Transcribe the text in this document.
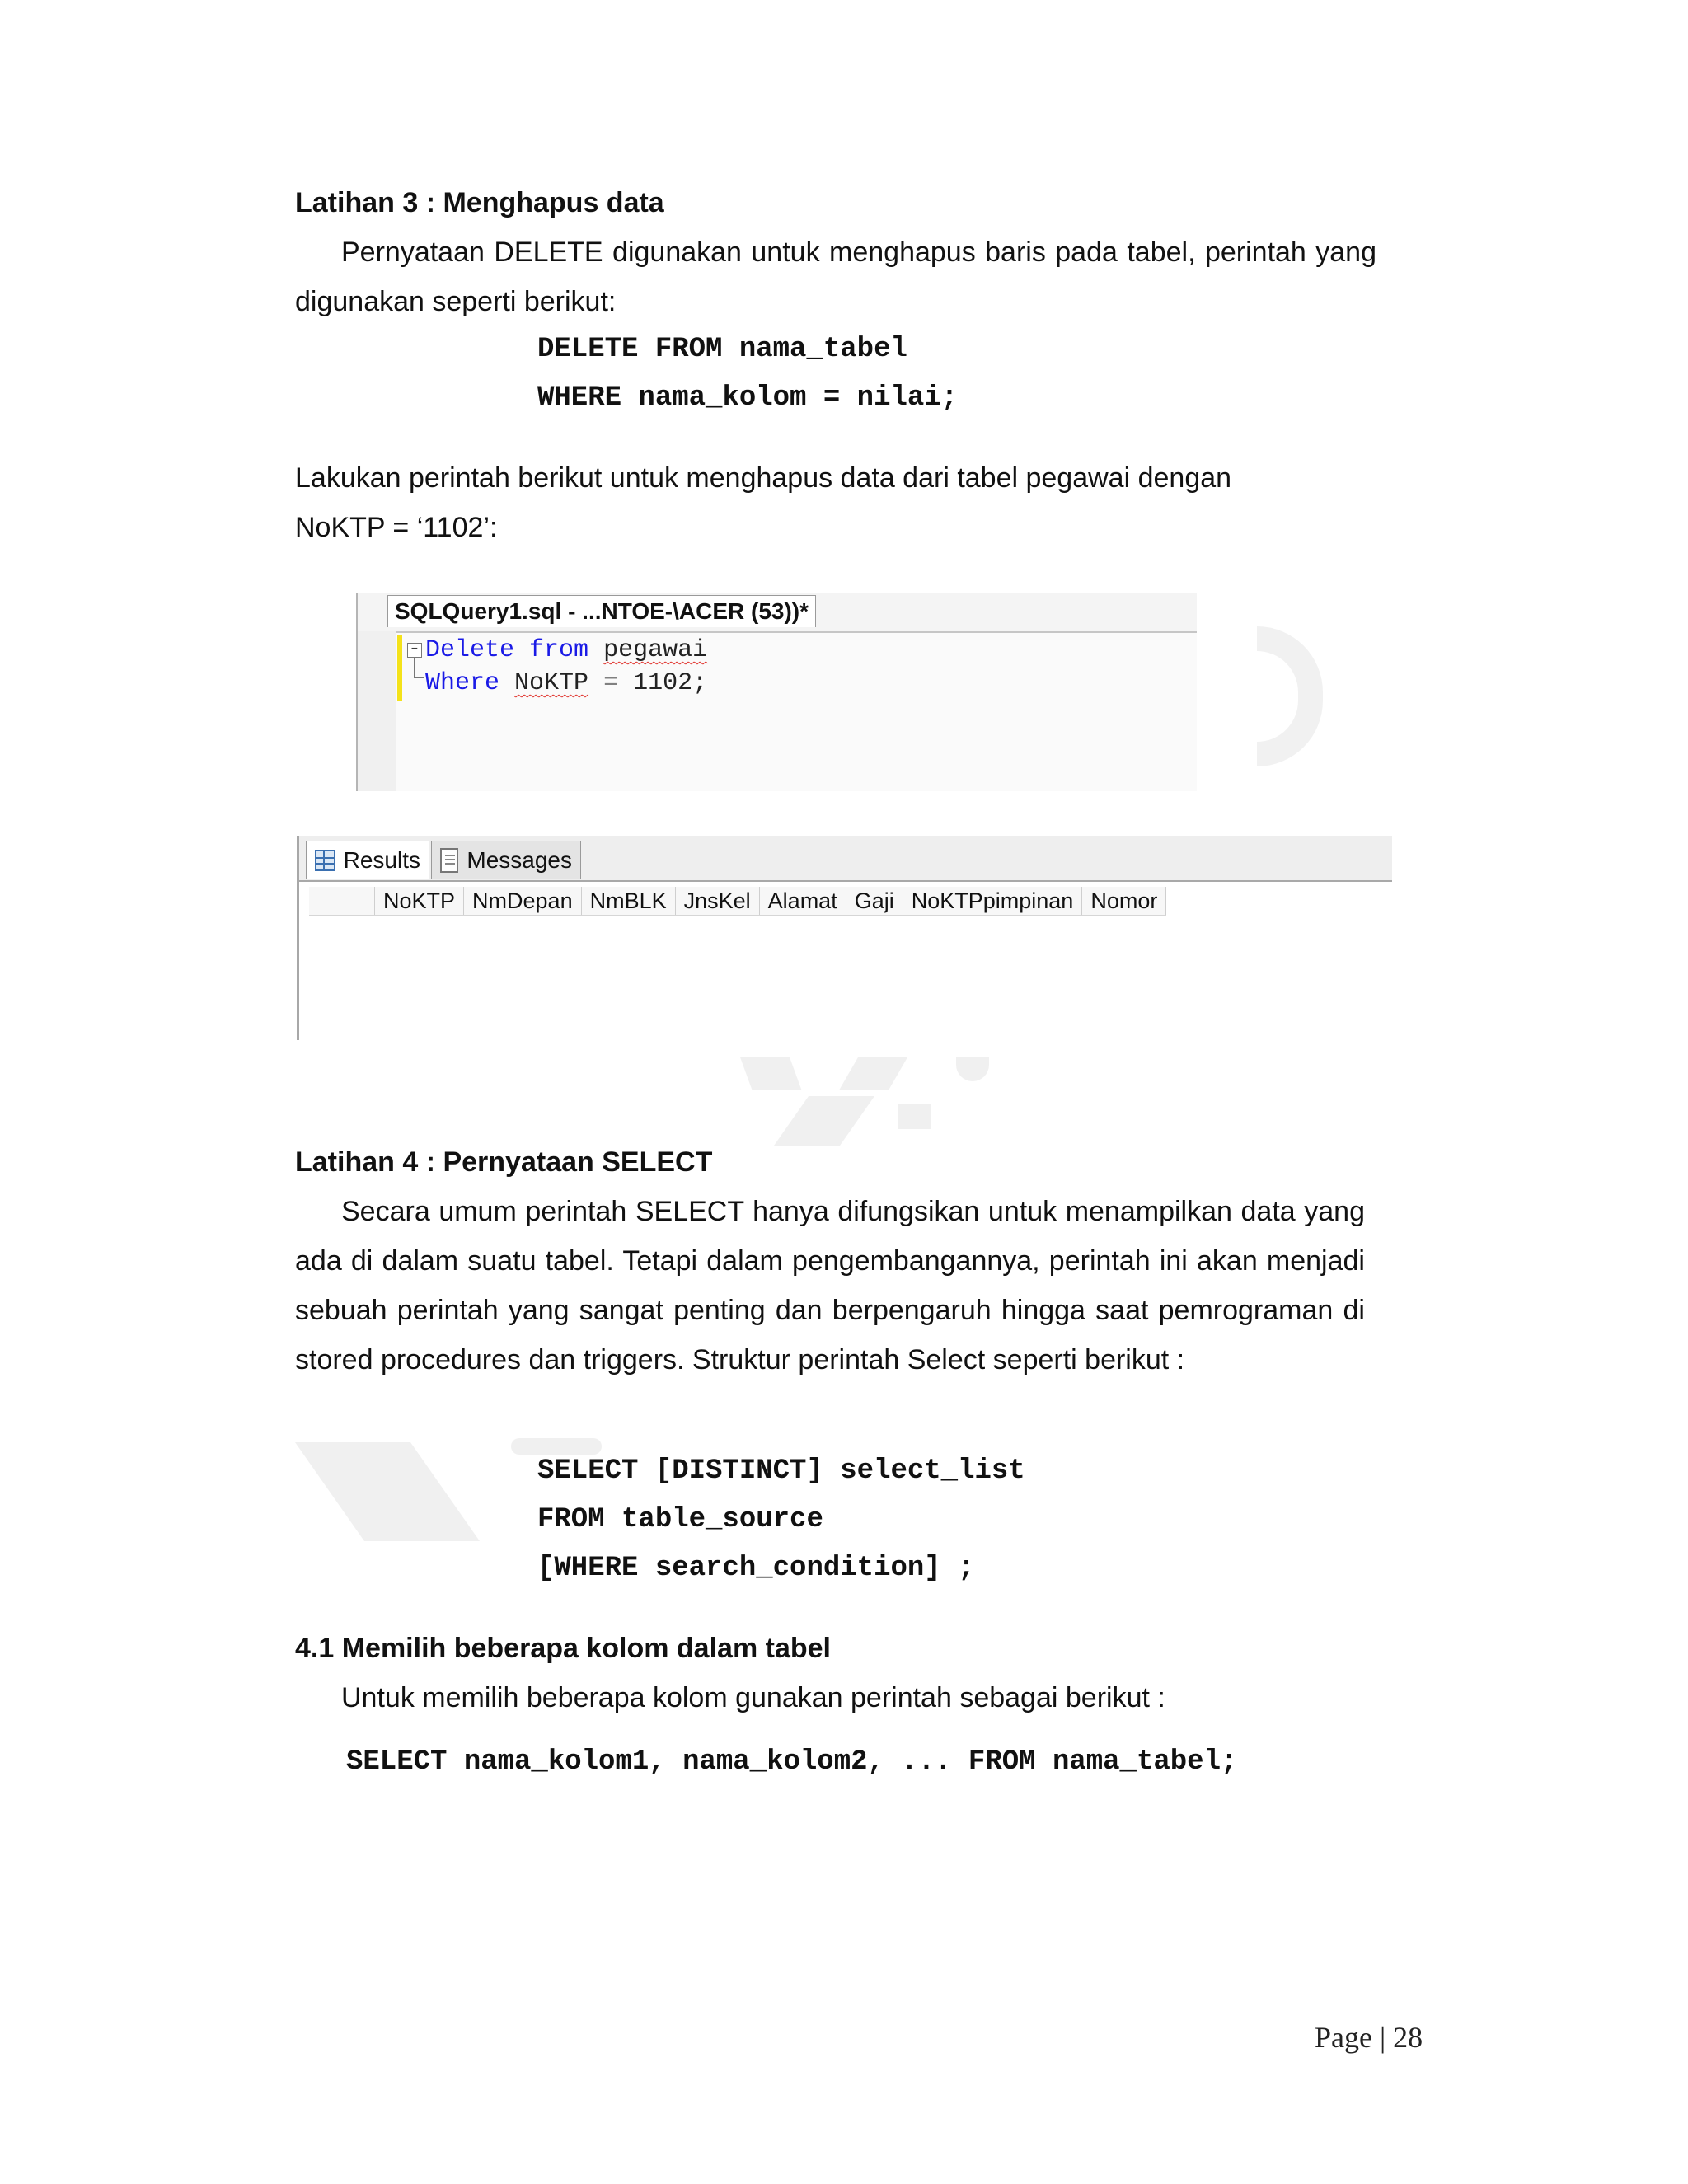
Latihan 3 : Menghapus data
Pernyataan DELETE digunakan untuk menghapus baris pada tabel, perintah yang digunakan seperti berikut:
DELETE FROM nama_tabel
WHERE nama_kolom = nilai;
Lakukan perintah berikut untuk menghapus data dari tabel pegawai dengan
NoKTP = ‘1102’:
SQLQuery1.sql - ...NTOE-\ACER (53))*
− Delete from pegawai
Where NoKTP = 1102;
Results Messages
NoKTP NmDepan NmBLK JnsKel Alamat Gaji NoKTPpimpinan Nomor
Latihan 4 : Pernyataan SELECT
Secara umum perintah SELECT hanya difungsikan untuk menampilkan data yang ada di dalam suatu tabel. Tetapi dalam pengembangannya, perintah ini akan menjadi sebuah perintah yang sangat penting dan berpengaruh hingga saat pemrograman di stored procedures dan triggers. Struktur perintah Select seperti berikut :
SELECT [DISTINCT] select_list
FROM table_source
[WHERE search_condition] ;
4.1 Memilih beberapa kolom dalam tabel
Untuk memilih beberapa kolom gunakan perintah sebagai berikut :
SELECT nama_kolom1, nama_kolom2, ... FROM nama_tabel;
Page | 28
